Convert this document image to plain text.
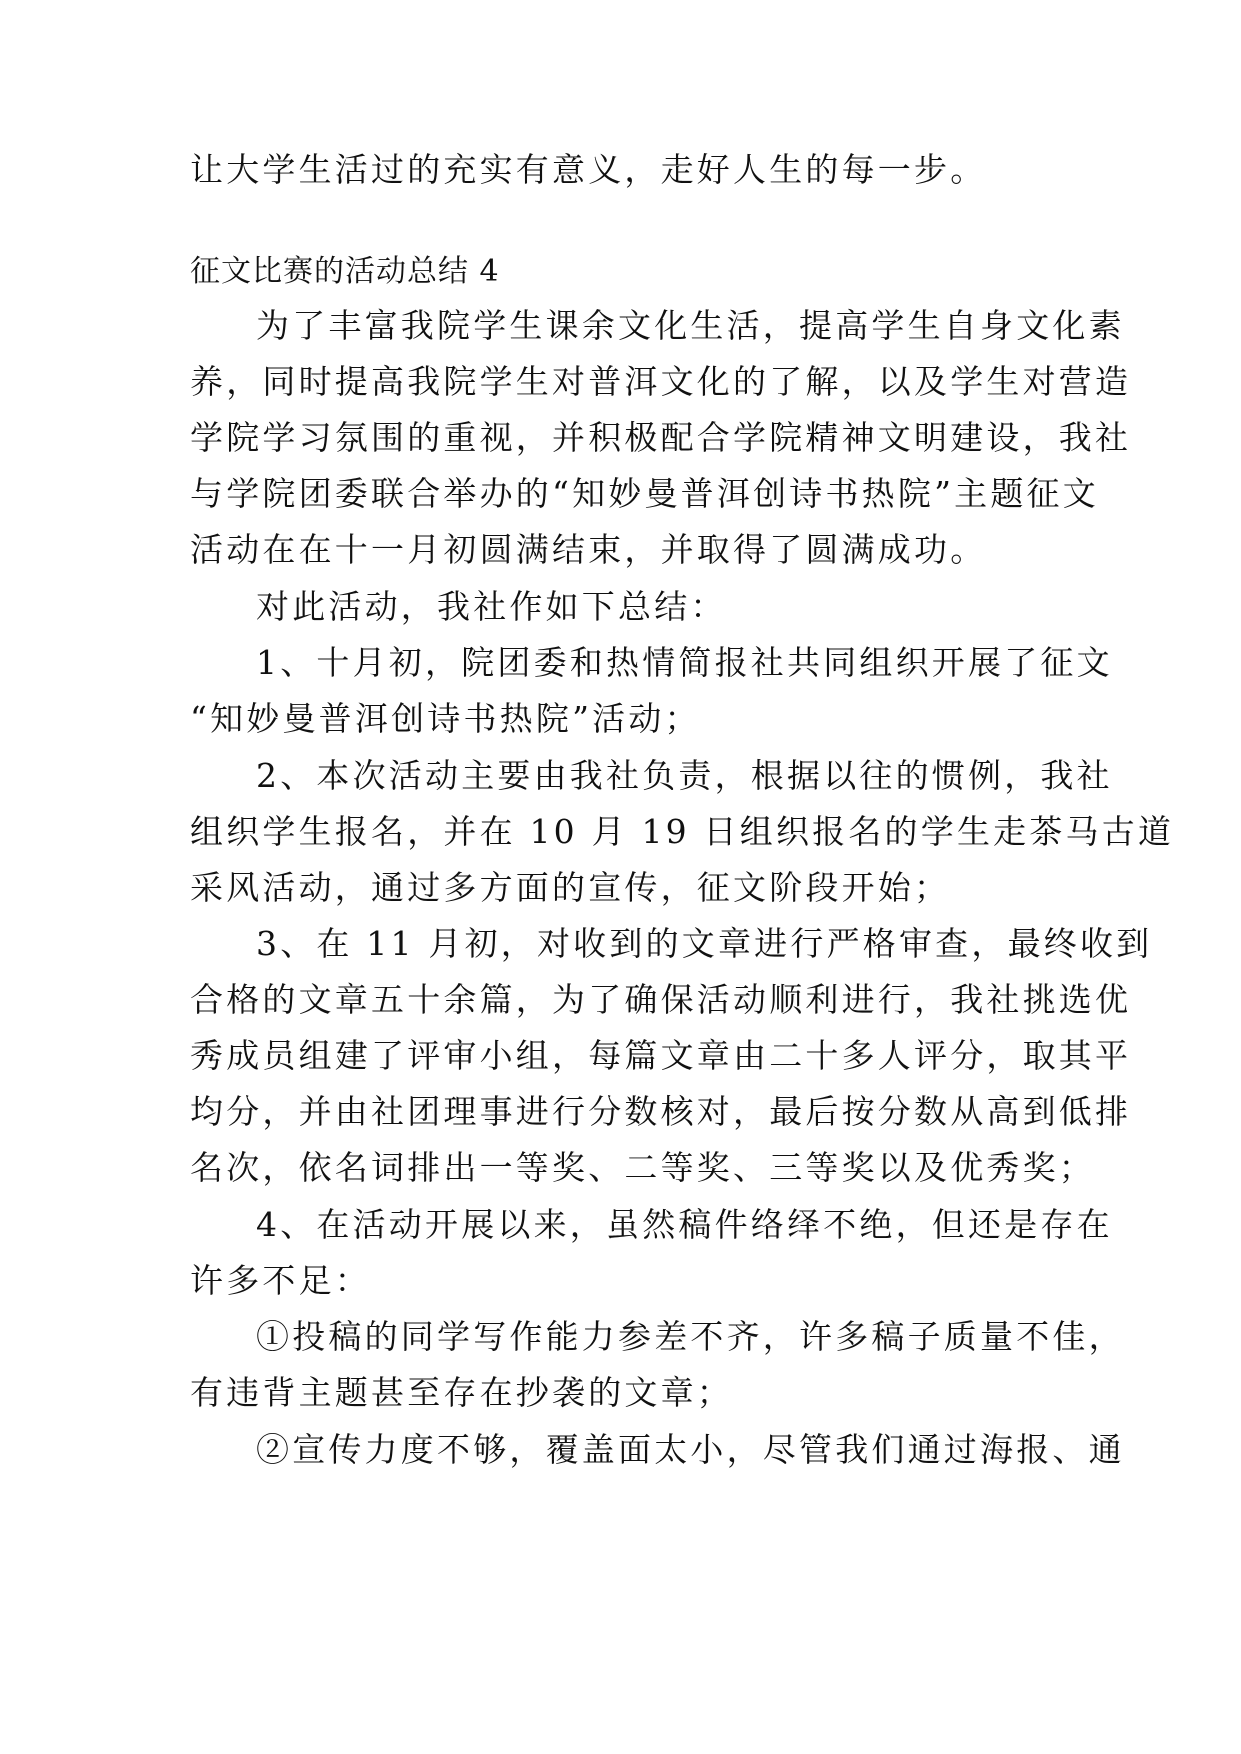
让大学生活过的充实有意义，走好人生的每一步。
征文比赛的活动总结 4
为了丰富我院学生课余文化生活，提高学生自身文化素
养，同时提高我院学生对普洱文化的了解，以及学生对营造
学院学习氛围的重视，并积极配合学院精神文明建设，我社
与学院团委联合举办的“知妙曼普洱创诗书热院”主题征文
活动在在十一月初圆满结束，并取得了圆满成功。
对此活动，我社作如下总结：
1、十月初，院团委和热情简报社共同组织开展了征文
“知妙曼普洱创诗书热院”活动；
2、本次活动主要由我社负责，根据以往的惯例，我社
组织学生报名，并在 10 月 19 日组织报名的学生走茶马古道
采风活动，通过多方面的宣传，征文阶段开始；
3、在 11 月初，对收到的文章进行严格审查，最终收到
合格的文章五十余篇，为了确保活动顺利进行，我社挑选优
秀成员组建了评审小组，每篇文章由二十多人评分，取其平
均分，并由社团理事进行分数核对，最后按分数从高到低排
名次，依名词排出一等奖、二等奖、三等奖以及优秀奖；
4、在活动开展以来，虽然稿件络绎不绝，但还是存在
许多不足：
①投稿的同学写作能力参差不齐，许多稿子质量不佳，
有违背主题甚至存在抄袭的文章；
②宣传力度不够，覆盖面太小，尽管我们通过海报、通
